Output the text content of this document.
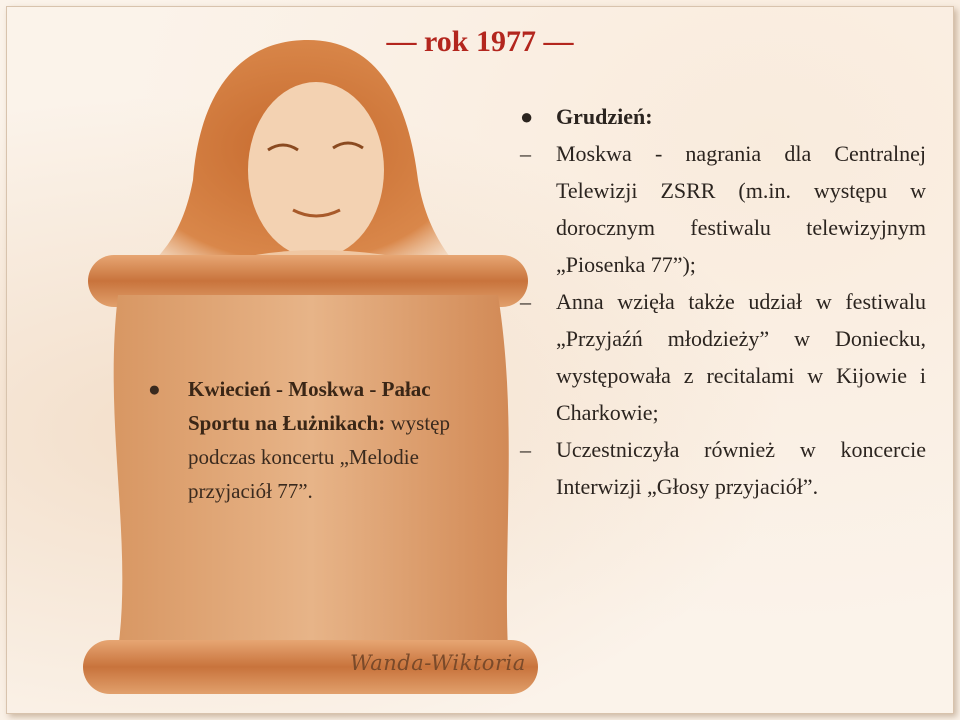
— rok 1977 —
● Kwiecień - Moskwa - Pałac Sportu na Łużnikach: występ podczas koncertu „Melodie przyjaciół 77”.
● Grudzień:
– Moskwa - nagrania dla Centralnej Telewizji ZSRR (m.in. występu w dorocznym festiwalu telewizyjnym „Piosenka 77”);
– Anna wzięła także udział w festiwalu „Przyjaźń młodzieży” w Doniecku, występowała z recitalami w Kijowie i Charkowie;
– Uczestniczyła również w koncercie Interwizji „Głosy przyjaciół”.
Wanda-Wiktoria
